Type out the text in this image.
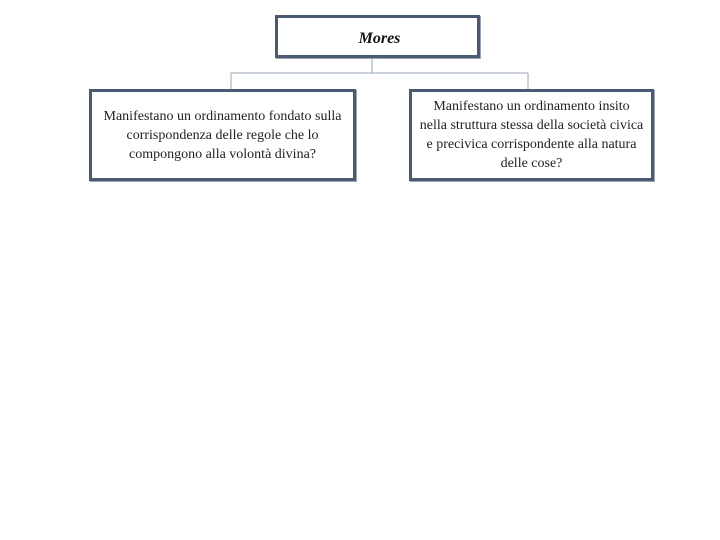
Mores
Manifestano un ordinamento fondato sulla corrispondenza delle regole che lo compongono alla volontà divina?
Manifestano un ordinamento insito nella struttura stessa della società civica e precivica corrispondente alla natura delle cose?
